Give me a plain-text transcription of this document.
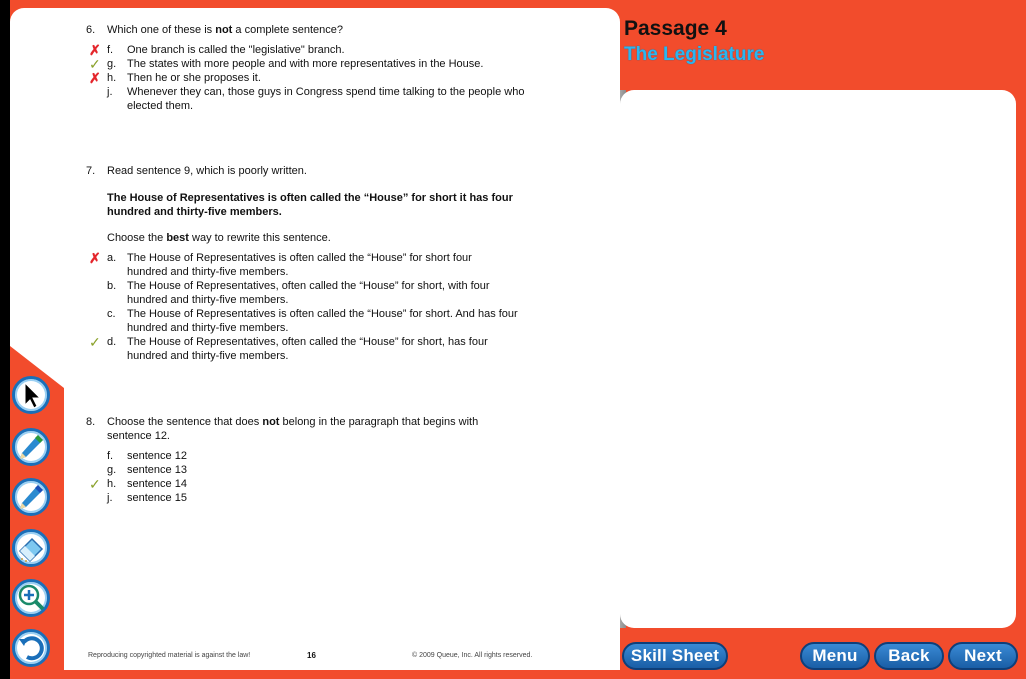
Passage 4
The Legislature
6.	Which one of these is not a complete sentence?
✗ f.	One branch is called the "legislative" branch.
✓ g. The states with more people and with more representatives in the House.
✗ h. Then he or she proposes it.
j.	Whenever they can, those guys in Congress spend time talking to the people who elected them.
7.	Read sentence 9, which is poorly written.
The House of Representatives is often called the “House” for short it has four hundred and thirty-five members.
Choose the best way to rewrite this sentence.
✗ a. The House of Representatives is often called the “House” for short four hundred and thirty-five members.
b. The House of Representatives, often called the “House” for short, with four hundred and thirty-five members.
c.	The House of Representatives is often called the “House” for short. And has four hundred and thirty-five members.
✓ d. The House of Representatives, often called the “House” for short, has four hundred and thirty-five members.
8.	Choose the sentence that does not belong in the paragraph that begins with sentence 12.
f.	sentence 12
g. sentence 13
✓ h. sentence 14
j.	sentence 15
Reproducing copyrighted material is against the law!	16	© 2009 Queue, Inc. All rights reserved.	Skill Sheet	Menu	Back	Next
